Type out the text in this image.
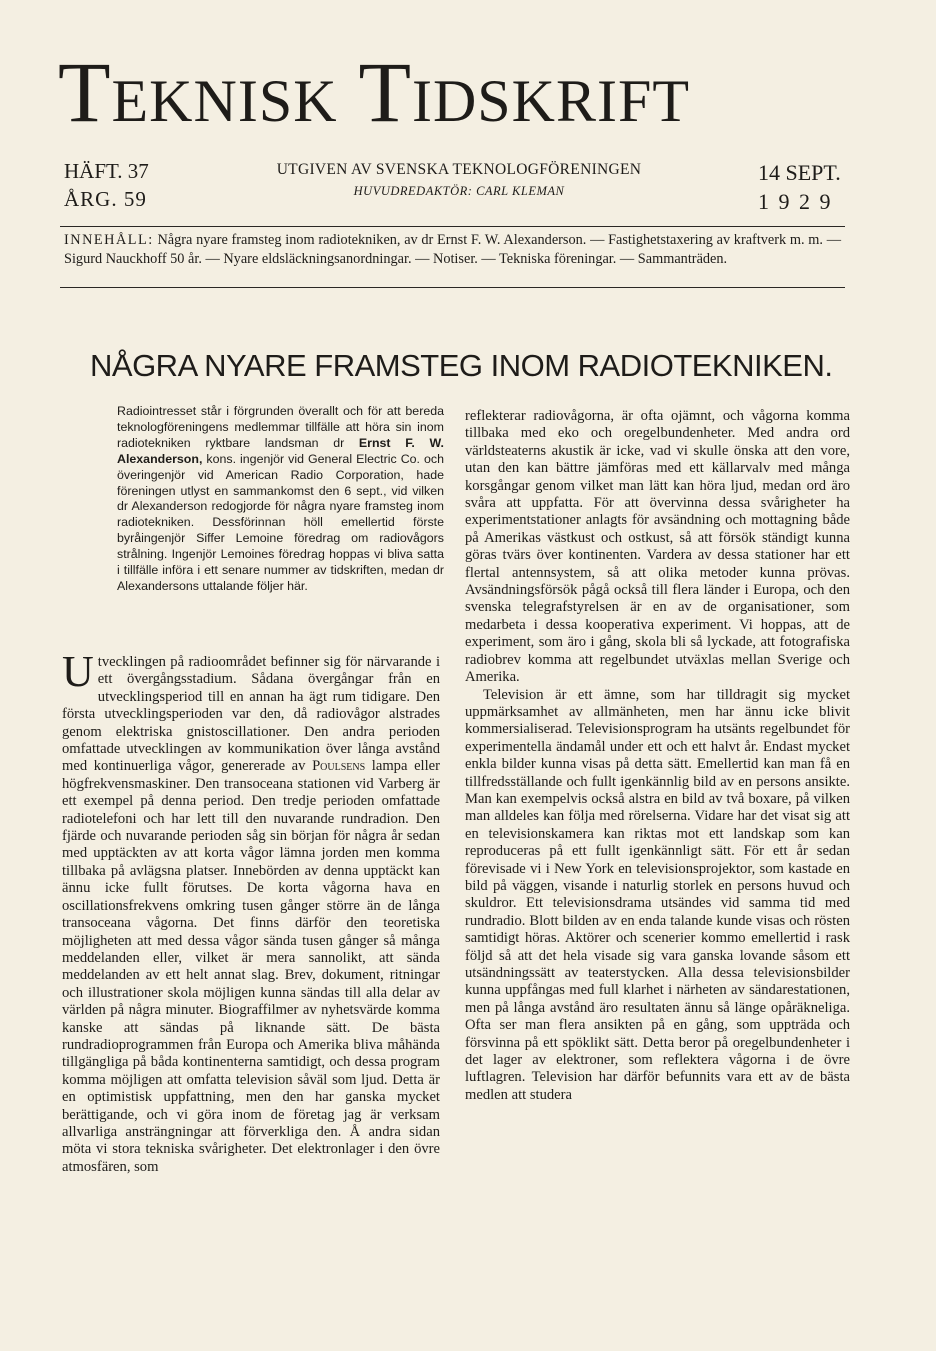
Teknisk Tidskrift
HÄFT. 37
ÅRG. 59
UTGIVEN AV SVENSKA TEKNOLOGFÖRENINGEN
HUVUDREDAKTÖR: CARL KLEMAN
14 SEPT.
1 9 2 9
INNEHÅLL: Några nyare framsteg inom radiotekniken, av dr Ernst F. W. Alexanderson. — Fastighetstaxering av kraftverk m. m. — Sigurd Nauckhoff 50 år. — Nyare eldsläckningsanordningar. — Notiser. — Tekniska föreningar. — Sammanträden.
NÅGRA NYARE FRAMSTEG INOM RADIOTEKNIKEN.
Radiointresset står i förgrunden överallt och för att bereda teknologföreningens medlemmar tillfälle att höra sin inom radiotekniken ryktbare landsman dr Ernst F. W. Alexanderson, kons. ingenjör vid General Electric Co. och överingenjör vid American Radio Corporation, hade föreningen utlyst en sammankomst den 6 sept., vid vilken dr Alexanderson redogjorde för några nyare framsteg inom radiotekniken. Dessförinnan höll emellertid förste byråingenjör Siffer Lemoine föredrag om radiovågors strålning. Ingenjör Lemoines föredrag hoppas vi bliva satta i tillfälle införa i ett senare nummer av tidskriften, medan dr Alexandersons uttalande följer här.

Utvecklingen på radioområdet befinner sig för närvarande i ett övergångsstadium. Sådana övergångar från en utvecklingsperiod till en annan ha ägt rum tidigare. Den första utvecklingsperioden var den, då radiovågor alstrades genom elektriska gnistoscillationer. Den andra perioden omfattade utvecklingen av kommunikation över långa avstånd med kontinuerliga vågor, genererade av Poulsens lampa eller högfrekvensmaskiner. Den transoceana stationen vid Varberg är ett exempel på denna period. Den tredje perioden omfattade radiotelefoni och har lett till den nuvarande rundradion. Den fjärde och nuvarande perioden såg sin början för några år sedan med upptäckten av att korta vågor lämna jorden men komma tillbaka på avlägsna platser. Innebörden av denna upptäckt kan ännu icke fullt förutses. De korta vågorna hava en oscillationsfrekvens omkring tusen gånger större än de långa transoceana vågorna. Det finns därför den teoretiska möjligheten att med dessa vågor sända tusen gånger så många meddelanden eller, vilket är mera sannolikt, att sända meddelanden av ett helt annat slag. Brev, dokument, ritningar och illustrationer skola möjligen kunna sändas till alla delar av världen på några minuter. Biograffilmer av nyhetsvärde komma kanske att sändas på liknande sätt. De bästa rundradioprogrammen från Europa och Amerika bliva måhända tillgängliga på båda kontinenterna samtidigt, och dessa program komma möjligen att omfatta television såväl som ljud. Detta är en optimistisk uppfattning, men den har ganska mycket berättigande, och vi göra inom de företag jag är verksam allvarliga ansträngningar att förverkliga den. Å andra sidan möta vi stora tekniska svårigheter. Det elektronlager i den övre atmosfären, som

reflekterar radiovågorna, är ofta ojämnt, och vågorna komma tillbaka med eko och oregelbundenheter. Med andra ord världsteaterns akustik är icke, vad vi skulle önska att den vore, utan den kan bättre jämföras med ett källarvalv med många korsgångar genom vilket man lätt kan höra ljud, medan ord äro svåra att uppfatta. För att övervinna dessa svårigheter ha experimentstationer anlagts för avsändning och mottagning både på Amerikas västkust och ostkust, så att försök ständigt kunna göras tvärs över kontinenten. Vardera av dessa stationer har ett flertal antennsystem, så att olika metoder kunna prövas. Avsändningsförsök pågå också till flera länder i Europa, och den svenska telegrafstyrelsen är en av de organisationer, som medarbeta i dessa kooperativa experiment. Vi hoppas, att de experiment, som äro i gång, skola bli så lyckade, att fotografiska radiobrev komma att regelbundet utväxlas mellan Sverige och Amerika.

Television är ett ämne, som har tilldragit sig mycket uppmärksamhet av allmänheten, men har ännu icke blivit kommersialiserad. Televisionsprogram ha utsänts regelbundet för experimentella ändamål under ett och ett halvt år. Endast mycket enkla bilder kunna visas på detta sätt. Emellertid kan man få en tillfredsställande och fullt igenkännlig bild av en persons ansikte. Man kan exempelvis också alstra en bild av två boxare, på vilken man alldeles kan följa med rörelserna. Vidare har det visat sig att en televisionskamera kan riktas mot ett landskap som kan reproduceras på ett fullt igenkännligt sätt. För ett år sedan förevisade vi i New York en televisionsprojektor, som kastade en bild på väggen, visande i naturlig storlek en persons huvud och skuldror. Ett televisionsdrama utsändes vid samma tid med rundradio. Blott bilden av en enda talande kunde visas och rösten samtidigt höras. Aktörer och scenerier kommo emellertid i rask följd så att det hela visade sig vara ganska lovande såsom ett utsändningssätt av teaterstycken. Alla dessa televisionsbilder kunna uppfångas med full klarhet i närheten av sändarestationen, men på långa avstånd äro resultaten ännu så länge opåräkneliga. Ofta ser man flera ansikten på en gång, som uppträda och försvinna på ett spöklikt sätt. Detta beror på oregelbundenheter i det lager av elektroner, som reflektera vågorna i de övre luftlagren. Television har därför befunnits vara ett av de bästa medlen att studera
